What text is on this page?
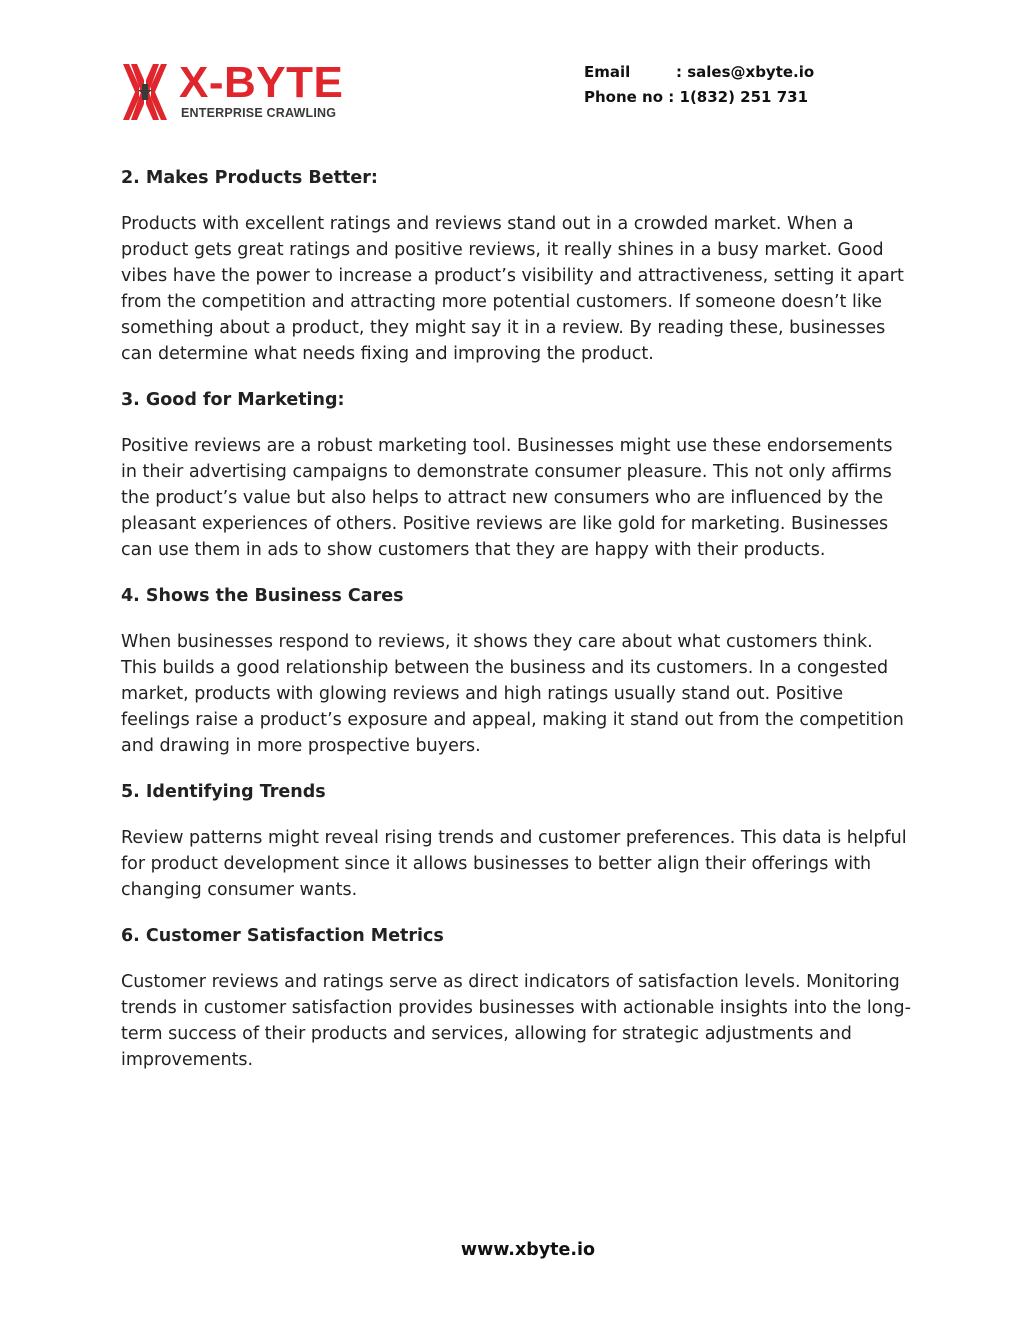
X-BYTE
ENTERPRISE CRAWLING
Email	: sales@xbyte.io
Phone no
: 1(832) 251 731

2. Makes Products Better:

Products with excellent ratings and reviews stand out in a crowded market. When a product gets great ratings and positive reviews, it really shines in a busy market. Good vibes have the power to increase a product’s visibility and attractiveness, setting it apart from the competition and attracting more potential customers. If someone doesn’t like something about a product, they might say it in a review. By reading these, businesses can determine what needs fixing and improving the product.

3. Good for Marketing:

Positive reviews are a robust marketing tool. Businesses might use these endorsements in their advertising campaigns to demonstrate consumer pleasure. This not only affirms the product’s value but also helps to attract new consumers who are influenced by the pleasant experiences of others. Positive reviews are like gold for marketing. Businesses can use them in ads to show customers that they are happy with their products.

4. Shows the Business Cares

When businesses respond to reviews, it shows they care about what customers think. This builds a good relationship between the business and its customers. In a congested market, products with glowing reviews and high ratings usually stand out. Positive feelings raise a product’s exposure and appeal, making it stand out from the competition and drawing in more prospective buyers.

5. Identifying Trends

Review patterns might reveal rising trends and customer preferences. This data is helpful for product development since it allows businesses to better align their offerings with changing consumer wants.

6. Customer Satisfaction Metrics

Customer reviews and ratings serve as direct indicators of satisfaction levels. Monitoring trends in customer satisfaction provides businesses with actionable insights into the long-term success of their products and services, allowing for strategic adjustments and improvements.

www.xbyte.io
